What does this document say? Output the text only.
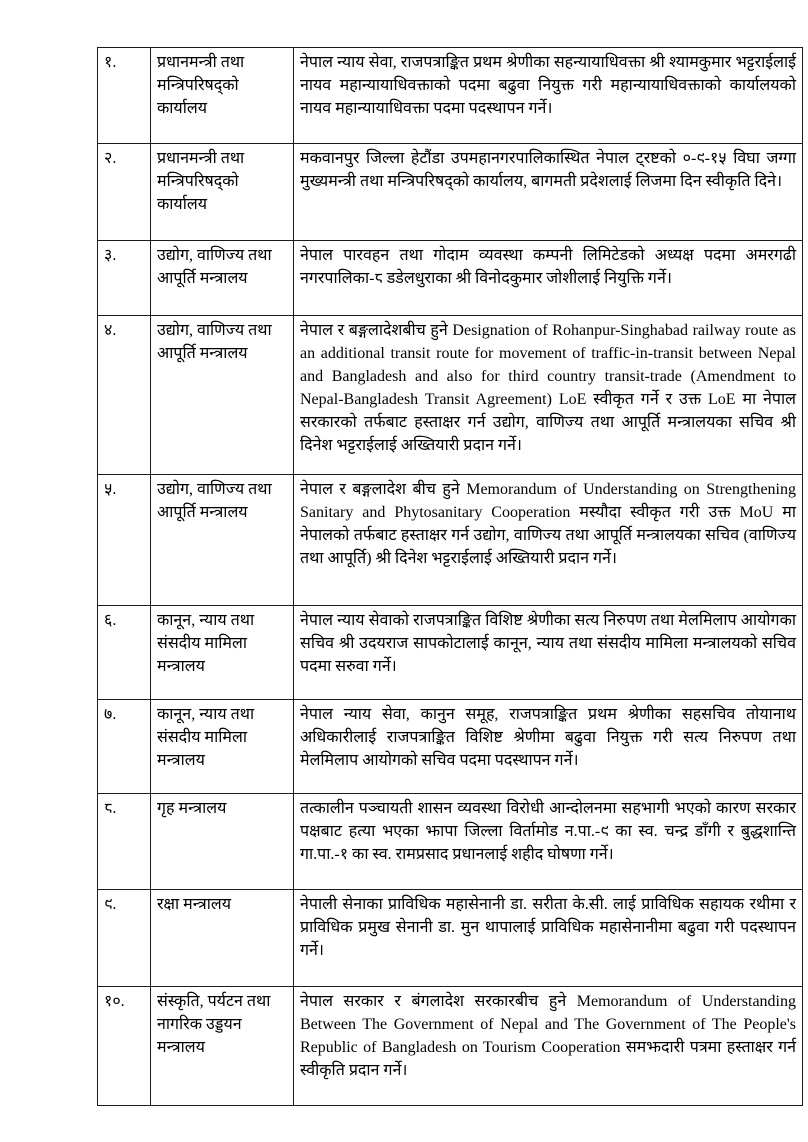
१.	प्रधानमन्त्री तथा मन्त्रिपरिषद्को कार्यालय	नेपाल न्याय सेवा, राजपत्राङ्कित प्रथम श्रेणीका सहन्यायाधिवक्ता श्री श्यामकुमार भट्टराईलाई नायव महान्यायाधिवक्ताको पदमा बढुवा नियुक्त गरी महान्यायाधिवक्ताको कार्यालयको नायव महान्यायाधिवक्ता पदमा पदस्थापन गर्ने।
२.	प्रधानमन्त्री तथा मन्त्रिपरिषद्को कार्यालय	मकवानपुर जिल्ला हेटौंडा उपमहानगरपालिकास्थित नेपाल ट्रष्टको ०-९-१५ विघा जग्गा मुख्यमन्त्री तथा मन्त्रिपरिषद्को कार्यालय, बागमती प्रदेशलाई लिजमा दिन स्वीकृति दिने।
३.	उद्योग, वाणिज्य तथा आपूर्ति मन्त्रालय	नेपाल पारवहन तथा गोदाम व्यवस्था कम्पनी लिमिटेडको अध्यक्ष पदमा अमरगढी नगरपालिका-८ डडेलधुराका श्री विनोदकुमार जोशीलाई नियुक्ति गर्ने।
४.	उद्योग, वाणिज्य तथा आपूर्ति मन्त्रालय	नेपाल र बङ्गलादेशबीच हुने Designation of Rohanpur-Singhabad railway route as an additional transit route for movement of traffic-in-transit between Nepal and Bangladesh and also for third country transit-trade (Amendment to Nepal-Bangladesh Transit Agreement) LoE स्वीकृत गर्ने र उक्त LoE मा नेपाल सरकारको तर्फबाट हस्ताक्षर गर्न उद्योग, वाणिज्य तथा आपूर्ति मन्त्रालयका सचिव श्री दिनेश भट्टराईलाई अख्तियारी प्रदान गर्ने।
५.	उद्योग, वाणिज्य तथा आपूर्ति मन्त्रालय	नेपाल र बङ्गलादेश बीच हुने Memorandum of Understanding on Strengthening Sanitary and Phytosanitary Cooperation मस्यौदा स्वीकृत गरी उक्त MoU मा नेपालको तर्फबाट हस्ताक्षर गर्न उद्योग, वाणिज्य तथा आपूर्ति मन्त्रालयका सचिव (वाणिज्य तथा आपूर्ति) श्री दिनेश भट्टराईलाई अख्तियारी प्रदान गर्ने।
६.	कानून, न्याय तथा संसदीय मामिला मन्त्रालय	नेपाल न्याय सेवाको राजपत्राङ्कित विशिष्ट श्रेणीका सत्य निरुपण तथा मेलमिलाप आयोगका सचिव श्री उदयराज सापकोटालाई कानून, न्याय तथा संसदीय मामिला मन्त्रालयको सचिव पदमा सरुवा गर्ने।
७.	कानून, न्याय तथा संसदीय मामिला मन्त्रालय	नेपाल न्याय सेवा, कानुन समूह, राजपत्राङ्कित प्रथम श्रेणीका सहसचिव तोयानाथ अधिकारीलाई राजपत्राङ्कित विशिष्ट श्रेणीमा बढुवा नियुक्त गरी सत्य निरुपण तथा मेलमिलाप आयोगको सचिव पदमा पदस्थापन गर्ने।
८.	गृह मन्त्रालय	तत्कालीन पञ्चायती शासन व्यवस्था विरोधी आन्दोलनमा सहभागी भएको कारण सरकार पक्षबाट हत्या भएका झापा जिल्ला विर्तामोड न.पा.-९ का स्व. चन्द्र डाँगी र बुद्धशान्ति गा.पा.-१ का स्व. रामप्रसाद प्रधानलाई शहीद घोषणा गर्ने।
९.	रक्षा मन्त्रालय	नेपाली सेनाका प्राविधिक महासेनानी डा. सरीता के.सी. लाई प्राविधिक सहायक रथीमा र प्राविधिक प्रमुख सेनानी डा. मुन थापालाई प्राविधिक महासेनानीमा बढुवा गरी पदस्थापन गर्ने।
१०.	संस्कृति, पर्यटन तथा नागरिक उड्डयन मन्त्रालय	नेपाल सरकार र बंगलादेश सरकारबीच हुने Memorandum of Understanding Between The Government of Nepal and The Government of The People's Republic of Bangladesh on Tourism Cooperation समझदारी पत्रमा हस्ताक्षर गर्न स्वीकृति प्रदान गर्ने।
